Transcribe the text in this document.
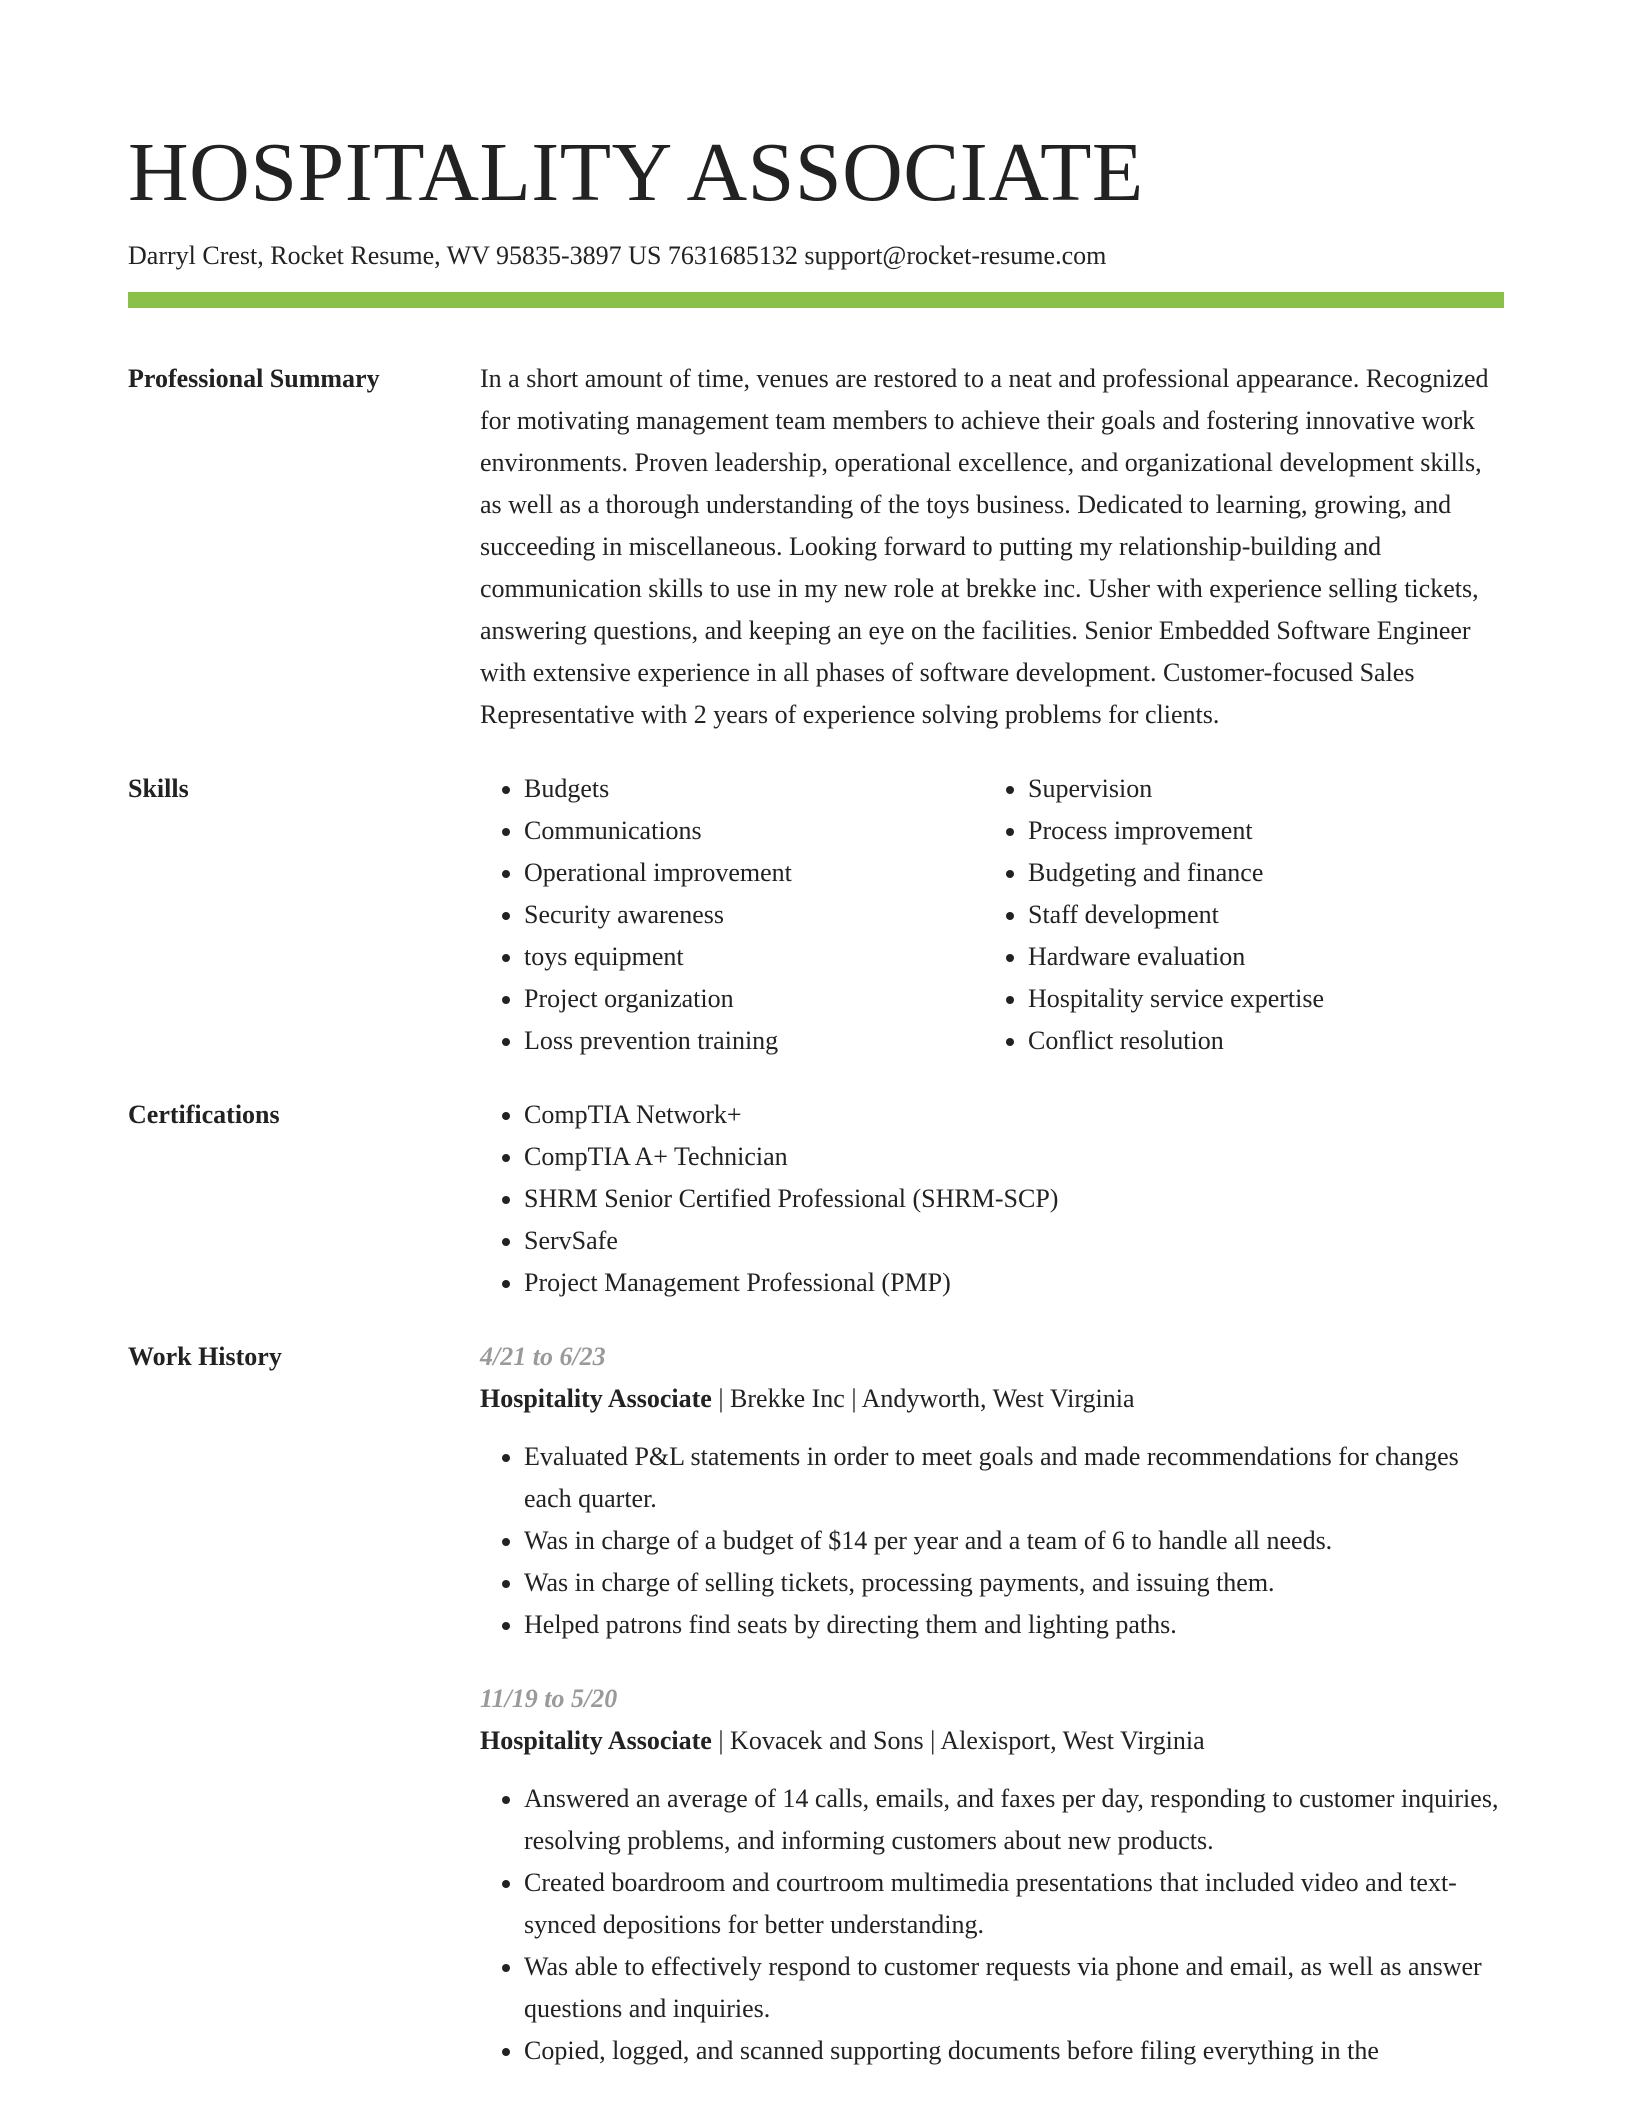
HOSPITALITY ASSOCIATE
Darryl Crest, Rocket Resume, WV 95835-3897 US 7631685132 support@rocket-resume.com
Professional Summary	In a short amount of time, venues are restored to a neat and professional appearance. Recognized for motivating management team members to achieve their goals and fostering innovative work environments. Proven leadership, operational excellence, and organizational development skills, as well as a thorough understanding of the toys business. Dedicated to learning, growing, and succeeding in miscellaneous. Looking forward to putting my relationship-building and communication skills to use in my new role at brekke inc. Usher with experience selling tickets, answering questions, and keeping an eye on the facilities. Senior Embedded Software Engineer with extensive experience in all phases of software development. Customer-focused Sales Representative with 2 years of experience solving problems for clients.

Skills	• Budgets
• Communications
• Operational improvement
• Security awareness
• toys equipment
• Project organization
• Loss prevention training
• Supervision
• Process improvement
• Budgeting and finance
• Staff development
• Hardware evaluation
• Hospitality service expertise
• Conflict resolution
Certifications	• CompTIA Network+
• CompTIA A+ Technician
• SHRM Senior Certified Professional (SHRM-SCP)
• ServSafe
• Project Management Professional (PMP)
Work History	4/21 to 6/23
Hospitality Associate | Brekke Inc | Andyworth, West Virginia
• Evaluated P&L statements in order to meet goals and made recommendations for changes each quarter.
• Was in charge of a budget of $14 per year and a team of 6 to handle all needs.
• Was in charge of selling tickets, processing payments, and issuing them.
• Helped patrons find seats by directing them and lighting paths.
11/19 to 5/20
Hospitality Associate | Kovacek and Sons | Alexisport, West Virginia
• Answered an average of 14 calls, emails, and faxes per day, responding to customer inquiries, resolving problems, and informing customers about new products.
• Created boardroom and courtroom multimedia presentations that included video and text-synced depositions for better understanding.
• Was able to effectively respond to customer requests via phone and email, as well as answer questions and inquiries.
• Copied, logged, and scanned supporting documents before filing everything in the
